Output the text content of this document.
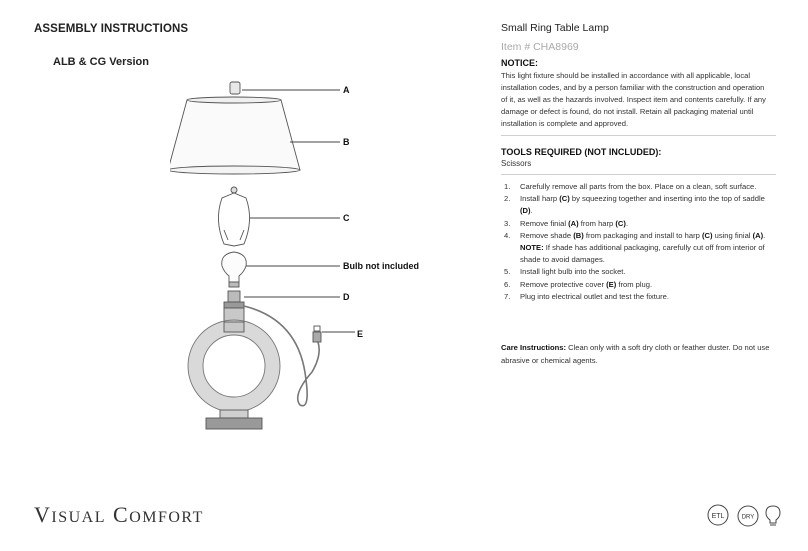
ASSEMBLY INSTRUCTIONS
ALB & CG Version
A
B
C
Bulb not included
D
E
VISUAL COMFORT
Small Ring Table Lamp
Item # CHA8969
NOTICE:
This light fixture should be installed in accordance with all applicable, local installation codes, and by a person familiar with the construction and operation of it, as well as the hazards involved. Inspect item and contents carefully. If any damage or defect is found, do not install. Retain all packaging material until installation is complete and approved.
TOOLS REQUIRED (NOT INCLUDED):
Scissors
1. Carefully remove all parts from the box. Place on a clean, soft surface.
2. Install harp (C) by squeezing together and inserting into the top of saddle (D).
3. Remove finial (A) from harp (C).
4. Remove shade (B) from packaging and install to harp (C) using finial (A).
NOTE: If shade has additional packaging, carefully cut off from interior of shade to avoid damages.
5. Install light bulb into the socket.
6. Remove protective cover (E) from plug.
7. Plug into electrical outlet and test the fixture.
Care Instructions: Clean only with a soft dry cloth or feather duster. Do not use abrasive or chemical agents.
ETL	DRY
